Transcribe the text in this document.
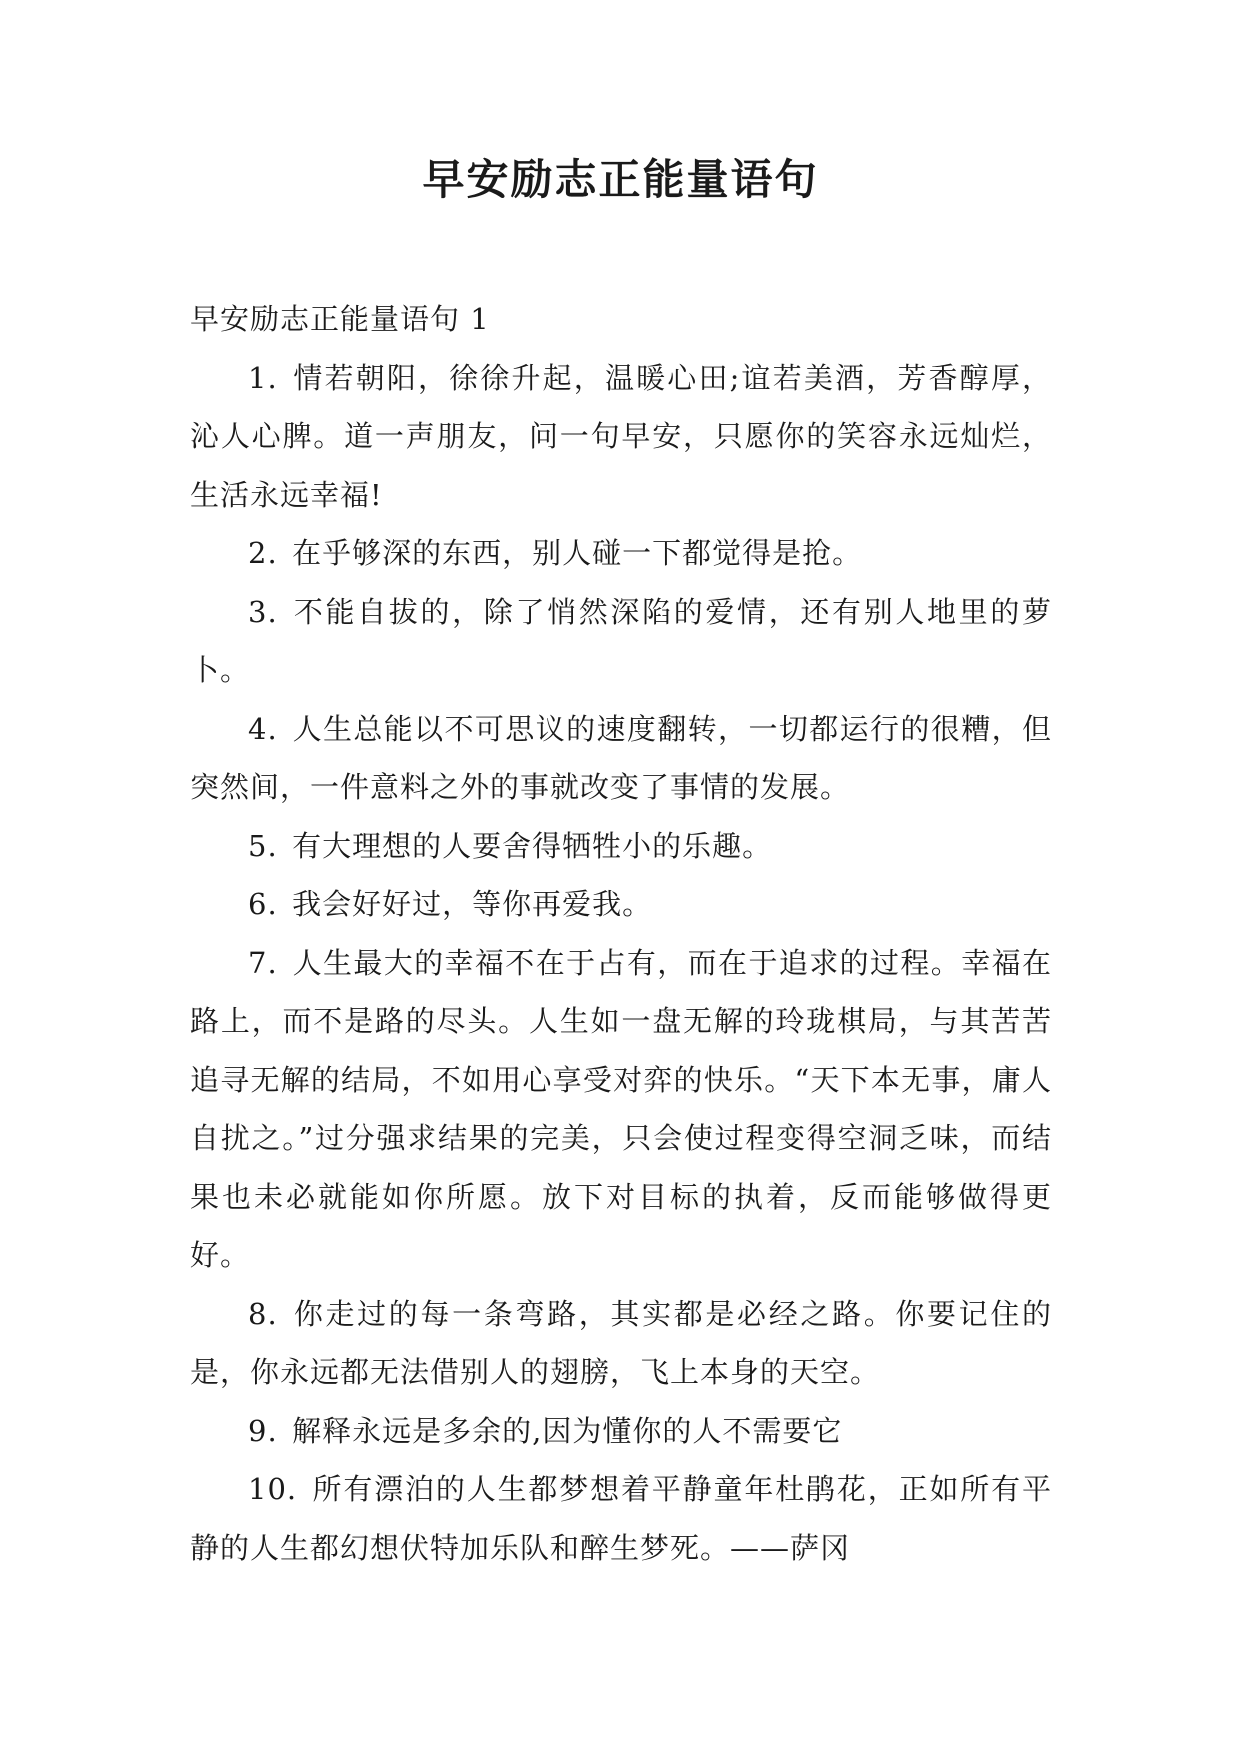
早安励志正能量语句

早安励志正能量语句 1

1. 情若朝阳，徐徐升起，温暖心田;谊若美酒，芳香醇厚，沁人心脾。道一声朋友，问一句早安，只愿你的笑容永远灿烂，生活永远幸福!

2. 在乎够深的东西，别人碰一下都觉得是抢。

3. 不能自拔的，除了悄然深陷的爱情，还有别人地里的萝卜。

4. 人生总能以不可思议的速度翻转，一切都运行的很糟，但突然间，一件意料之外的事就改变了事情的发展。

5. 有大理想的人要舍得牺牲小的乐趣。

6. 我会好好过，等你再爱我。

7. 人生最大的幸福不在于占有，而在于追求的过程。幸福在路上，而不是路的尽头。人生如一盘无解的玲珑棋局，与其苦苦追寻无解的结局，不如用心享受对弈的快乐。“天下本无事，庸人自扰之。”过分强求结果的完美，只会使过程变得空洞乏味，而结果也未必就能如你所愿。放下对目标的执着，反而能够做得更好。

8. 你走过的每一条弯路，其实都是必经之路。你要记住的是，你永远都无法借别人的翅膀，飞上本身的天空。

9. 解释永远是多余的,因为懂你的人不需要它

10. 所有漂泊的人生都梦想着平静童年杜鹃花，正如所有平静的人生都幻想伏特加乐队和醉生梦死。——萨冈
